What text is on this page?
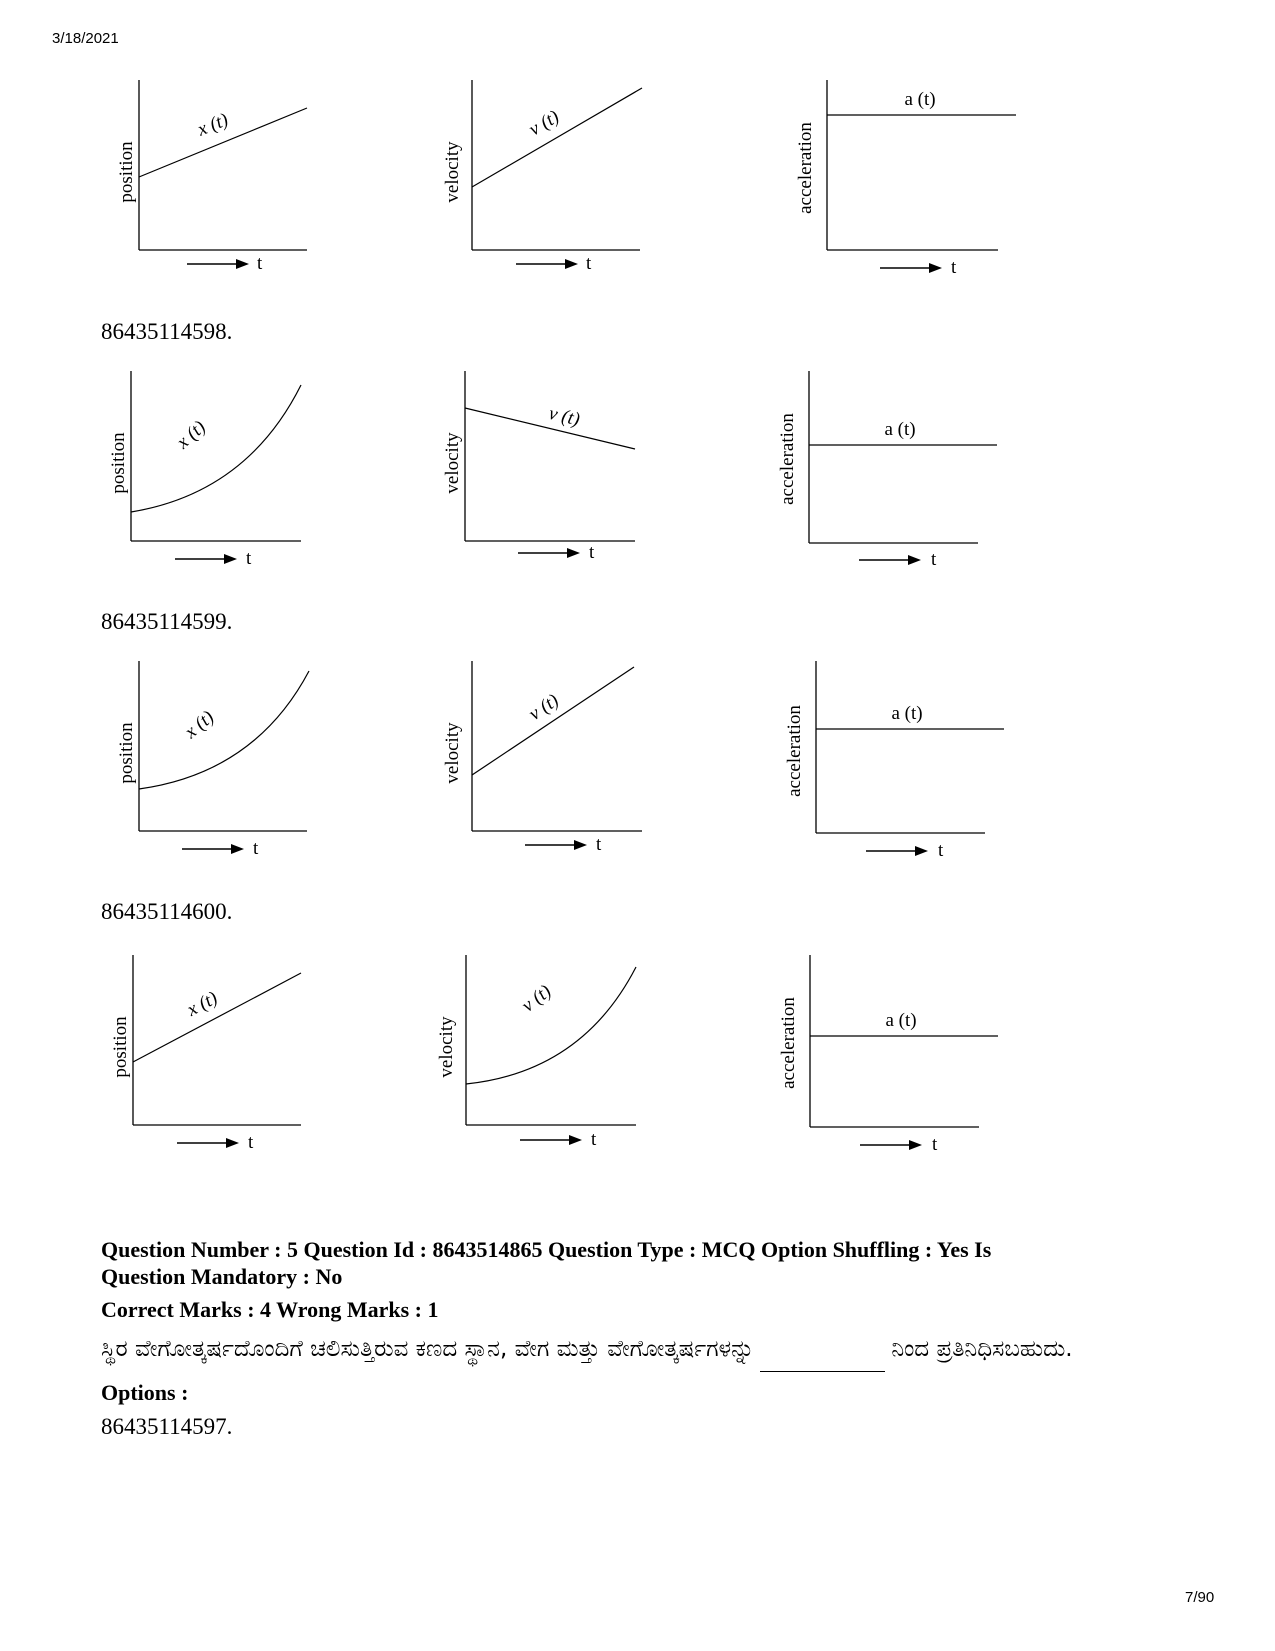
3/18/2021
86435114598.
86435114599.
86435114600.
position
t
x (t)
velocity
t
v (t)	acceleration
t
a (t)
position
t
x (t)	velocity
t
v (t)	acceleration
t
a (t)
position
t
x (t)	velocity
t
v (t)	acceleration
t
a (t)
position
t
x (t)
velocity
t
v (t)	acceleration
t
a (t)

Question Number : 5 Question Id : 8643514865 Question Type : MCQ Option Shuffling : Yes Is
Question Mandatory : No

Correct Marks : 4 Wrong Marks : 1
ಸ್ಥಿರ ವೇಗೋತ್ಕರ್ಷದೊಂದಿಗೆ ಚಲಿಸುತ್ತಿರುವ ಕಣದ ಸ್ಥಾನ, ವೇಗ ಮತ್ತು ವೇಗೋತ್ಕರ್ಷಗಳನ್ನು	ನಿಂದ ಪ್ರತಿನಿಧಿಸಬಹುದು.
Options :
86435114597.
7/90
